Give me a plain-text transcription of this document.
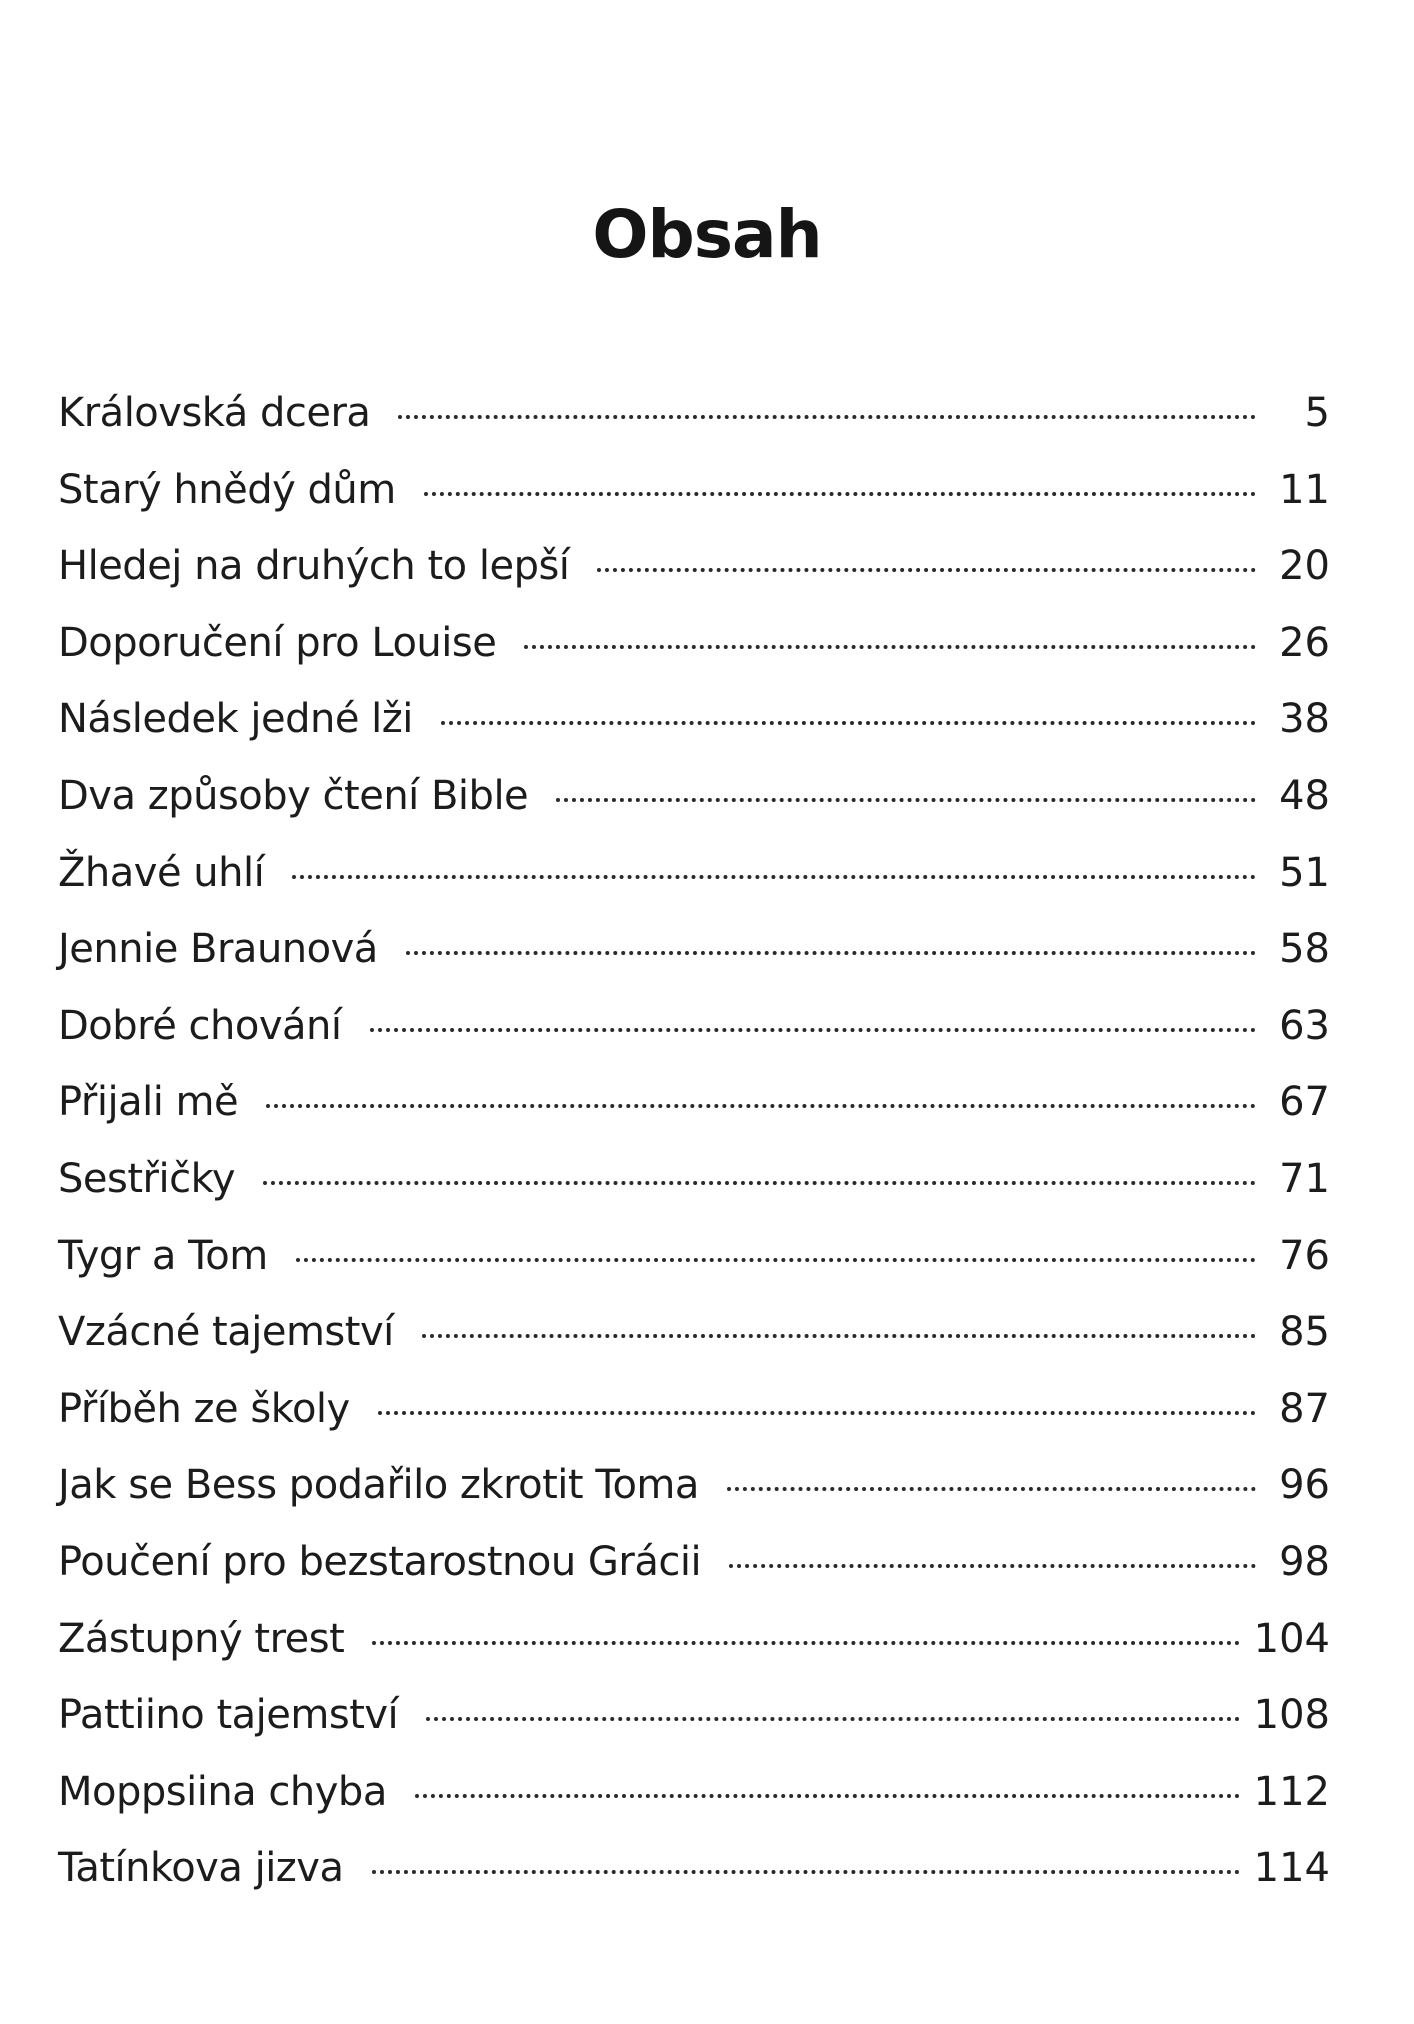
Obsah
Královská dcera	5
Starý hnědý dům	11
Hledej na druhých to lepší	20
Doporučení pro Louise	26
Následek jedné lži	38
Dva způsoby čtení Bible	48
Žhavé uhlí	51
Jennie Braunová	58
Dobré chování	63
Přijali mě	67
Sestřičky	71
Tygr a Tom	76
Vzácné tajemství	85
Příběh ze školy	87
Jak se Bess podařilo zkrotit Toma	96
Poučení pro bezstarostnou Grácii	98
Zástupný trest	104
Pattiino tajemství	108
Moppsiina chyba	112
Tatínkova jizva	114
